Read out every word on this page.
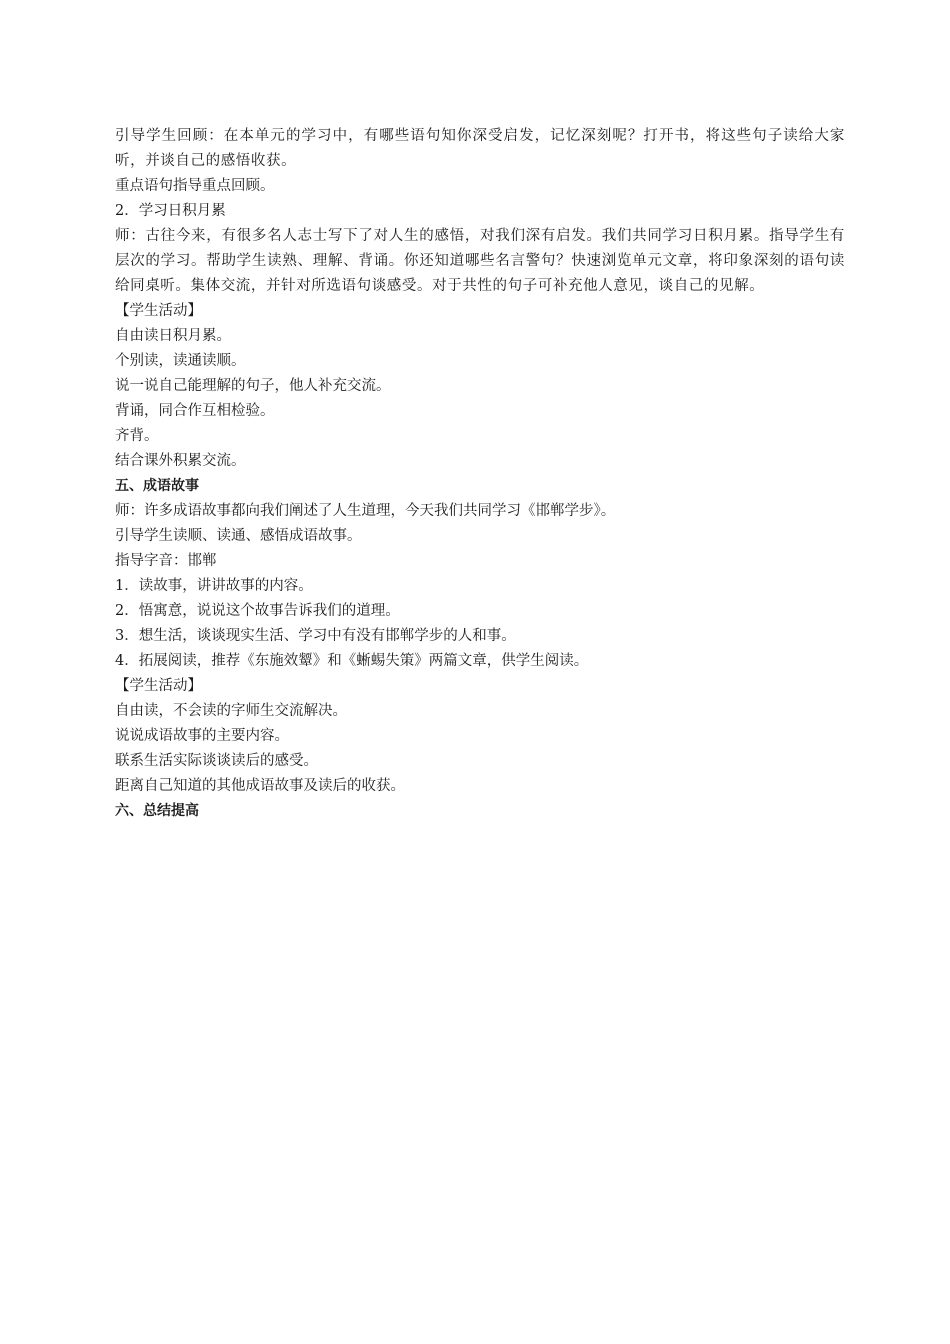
引导学生回顾：在本单元的学习中，有哪些语句知你深受启发，记忆深刻呢？打开书，将这些句子读给大家听，并谈自己的感悟收获。
重点语句指导重点回顾。
2．学习日积月累
师：古往今来，有很多名人志士写下了对人生的感悟，对我们深有启发。我们共同学习日积月累。指导学生有层次的学习。帮助学生读熟、理解、背诵。你还知道哪些名言警句？快速浏览单元文章，将印象深刻的语句读给同桌听。集体交流，并针对所选语句谈感受。对于共性的句子可补充他人意见，谈自己的见解。
【学生活动】
自由读日积月累。
个别读，读通读顺。
说一说自己能理解的句子，他人补充交流。
背诵，同合作互相检验。
齐背。
结合课外积累交流。
五、成语故事
师：许多成语故事都向我们阐述了人生道理，今天我们共同学习《邯郸学步》。
引导学生读顺、读通、感悟成语故事。
指导字音：邯郸
1．读故事，讲讲故事的内容。
2．悟寓意，说说这个故事告诉我们的道理。
3．想生活，谈谈现实生活、学习中有没有邯郸学步的人和事。
4．拓展阅读，推荐《东施效颦》和《蜥蜴失策》两篇文章，供学生阅读。
【学生活动】
自由读，不会读的字师生交流解决。
说说成语故事的主要内容。
联系生活实际谈谈读后的感受。
距离自己知道的其他成语故事及读后的收获。
六、总结提高
